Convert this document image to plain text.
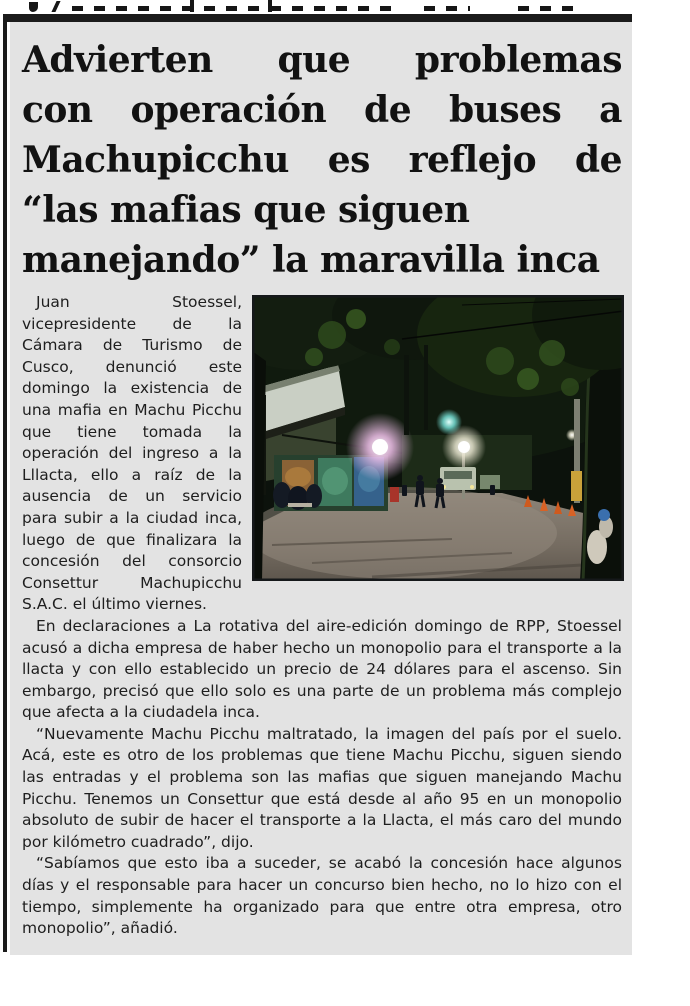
Advierten que problemas
con operación de buses a
Machupicchu es reflejo de
“las mafias que siguen
manejando” la maravilla inca

Juan Stoessel, vicepresidente de la Cámara de Turismo de Cusco, denunció este domingo la existencia de una mafia en Machu Picchu que tiene tomada la operación del ingreso a la Lllacta, ello a raíz de la ausencia de un servicio para subir a la ciudad inca, luego de que finalizara la concesión del consorcio Consettur Machupicchu S.A.C. el último viernes.

En declaraciones a La rotativa del aire-edición domingo de RPP, Stoessel acusó a dicha empresa de haber hecho un monopolio para el transporte a la llacta y con ello establecido un precio de 24 dólares para el ascenso. Sin embargo, precisó que ello solo es una parte de un problema más complejo que afecta a la ciudadela inca.

“Nuevamente Machu Picchu maltratado, la imagen del país por el suelo. Acá, este es otro de los problemas que tiene Machu Picchu, siguen siendo las entradas y el problema son las mafias que siguen manejando Machu Picchu. Tenemos un Consettur que está desde al año 95 en un monopolio absoluto de subir de hacer el transporte a la Llacta, el más caro del mundo por kilómetro cuadrado”, dijo.

“Sabíamos que esto iba a suceder, se acabó la concesión hace algunos días y el responsable para hacer un concurso bien hecho, no lo hizo con el tiempo, simplemente ha organizado para que entre otra empresa, otro monopolio”, añadió.
